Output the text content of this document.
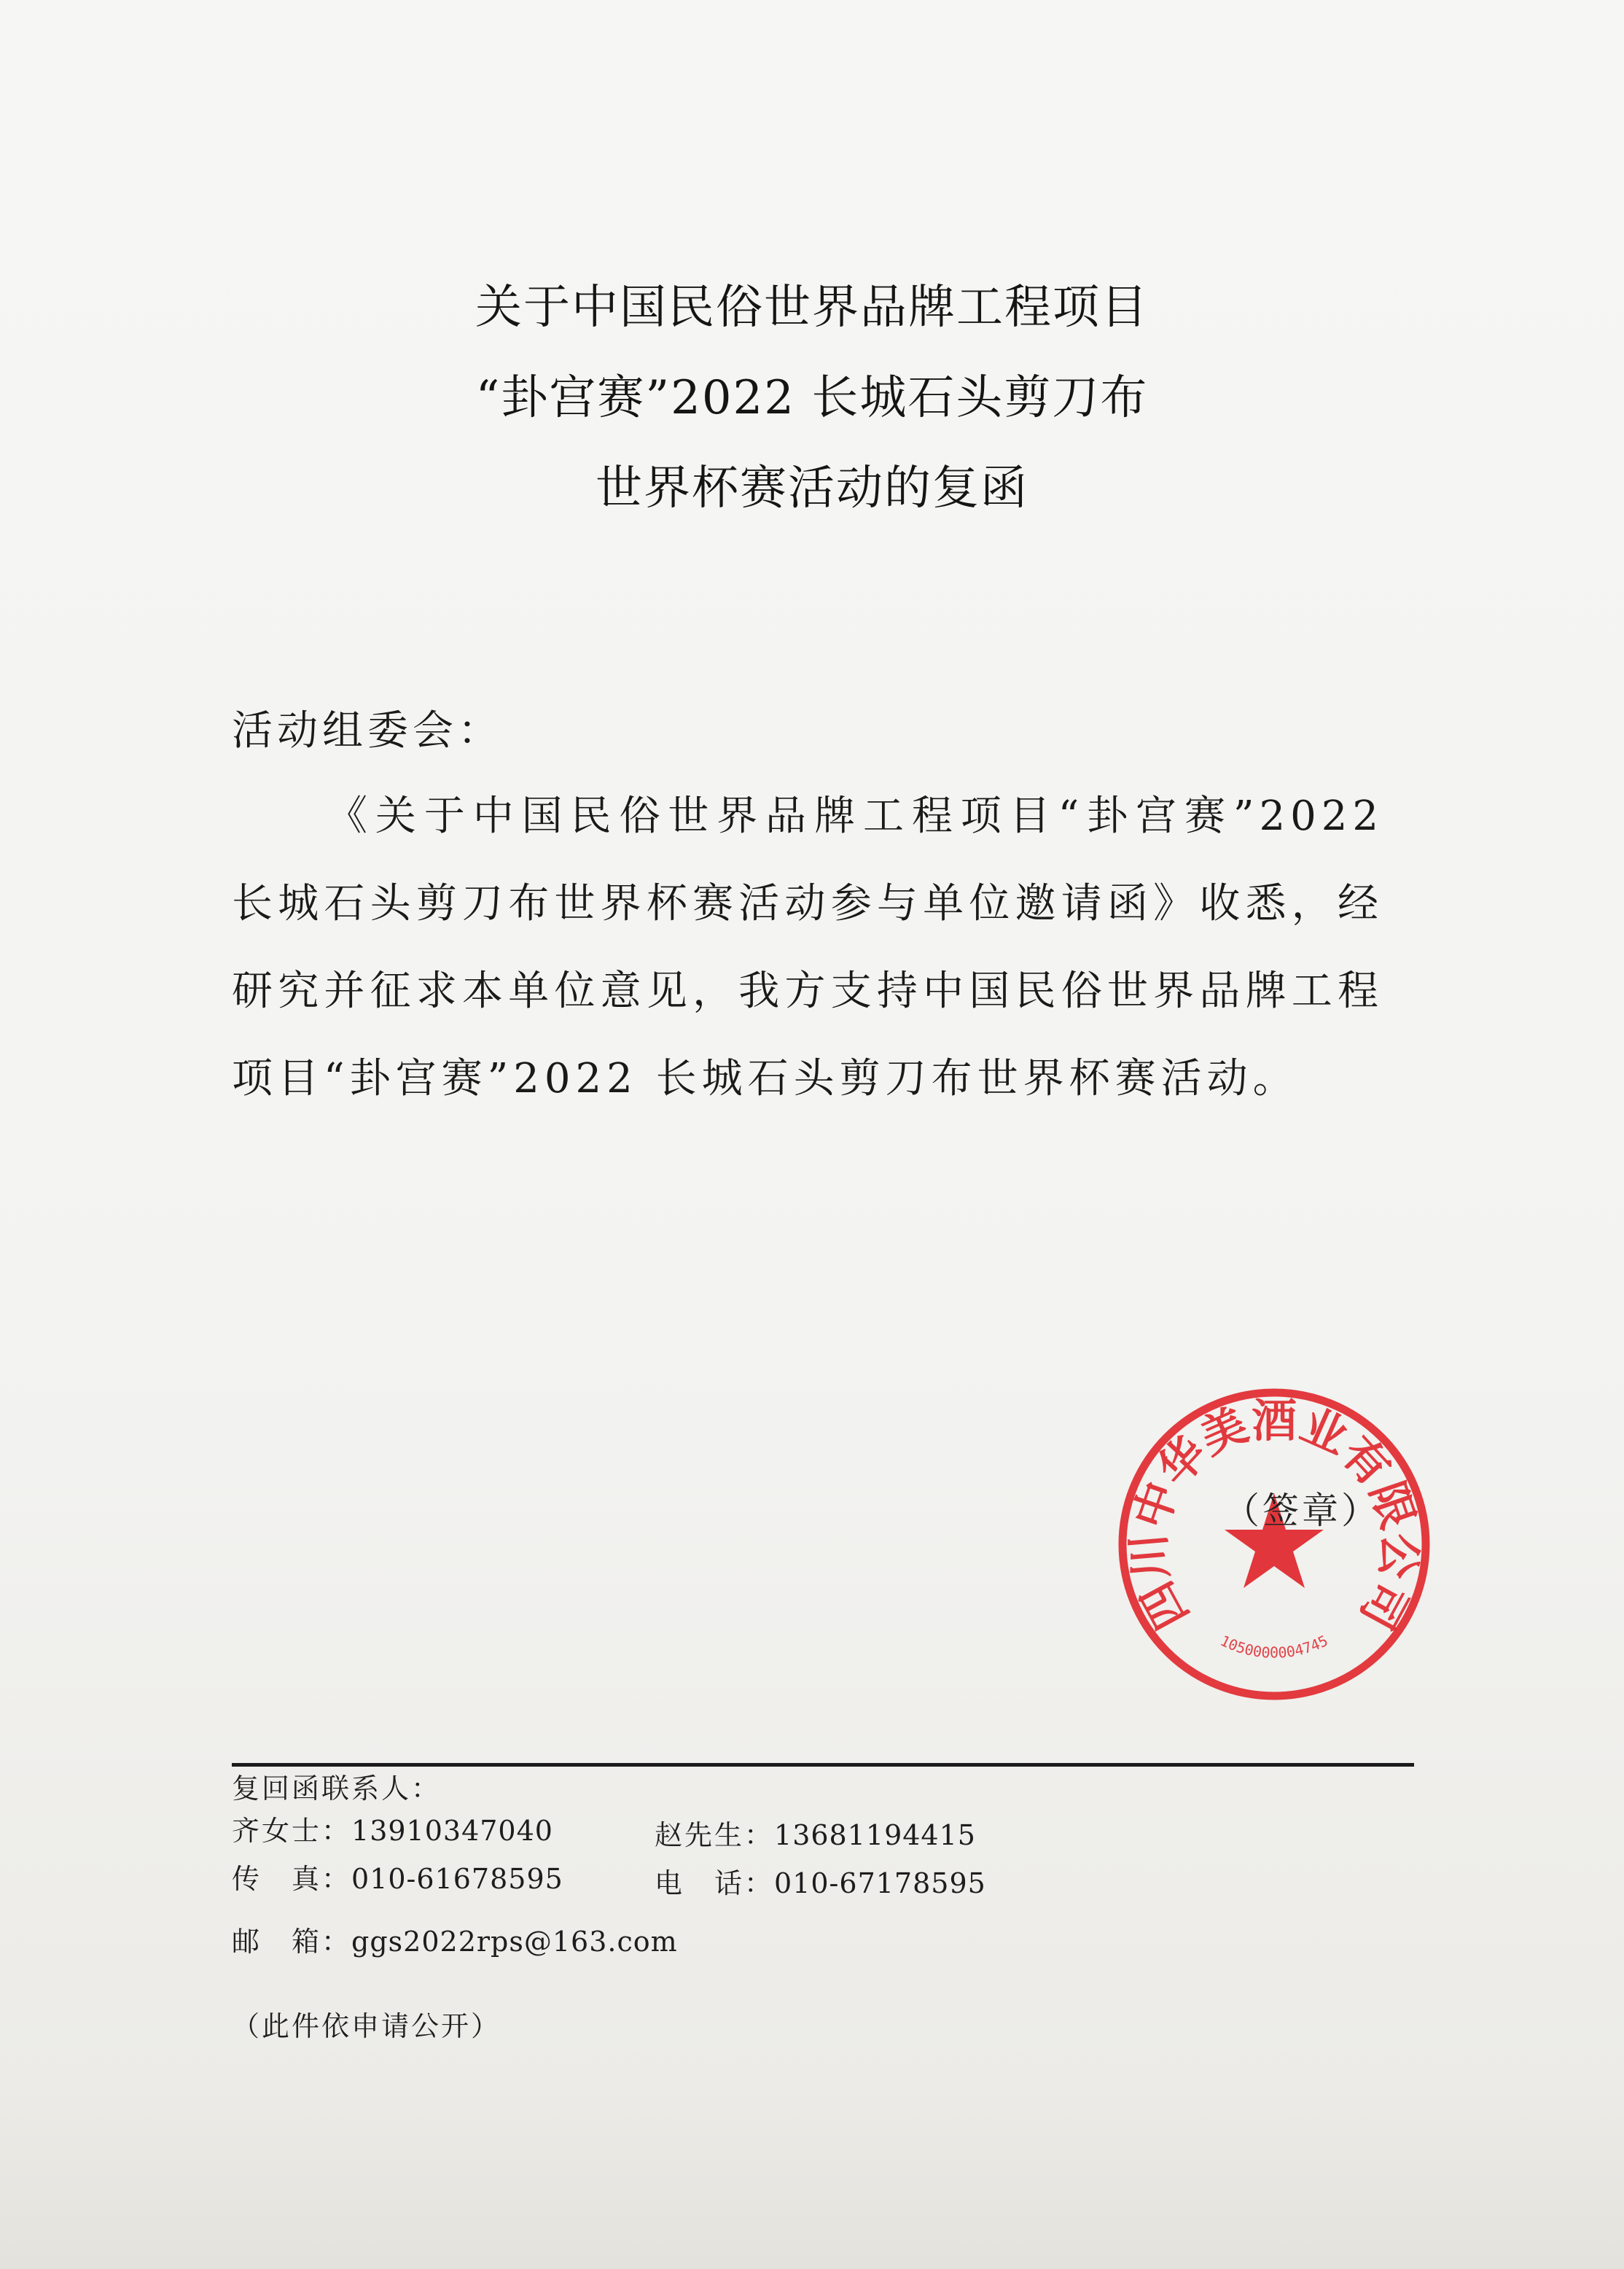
关于中国民俗世界品牌工程项目
“卦宫赛”2022 长城石头剪刀布
世界杯赛活动的复函
活动组委会：
《关于中国民俗世界品牌工程项目“卦宫赛”2022 长城石头剪刀布世界杯赛活动参与单位邀请函》收悉，经研究并征求本单位意见，我方支持中国民俗世界品牌工程项目“卦宫赛”2022 长城石头剪刀布世界杯赛活动。
四川中华美酒业有限公司
1050000004745
（签章）
复回函联系人：
齐女士：13910347040	赵先生：13681194415
传　真：010-61678595	电　话：010-67178595
邮　箱：ggs2022rps@163.com
（此件依申请公开）
